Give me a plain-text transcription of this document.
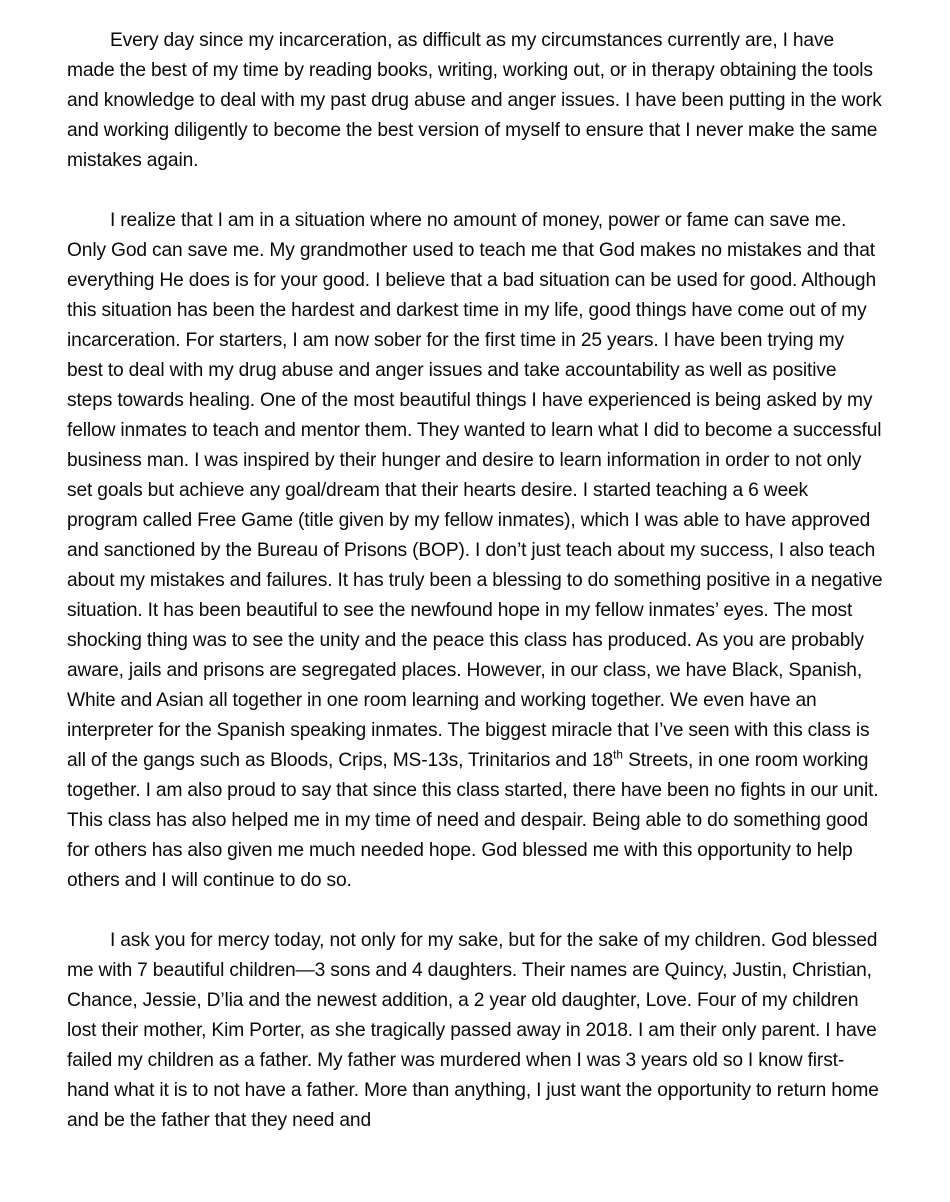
Every day since my incarceration, as difficult as my circumstances currently are, I have made the best of my time by reading books, writing, working out, or in therapy obtaining the tools and knowledge to deal with my past drug abuse and anger issues. I have been putting in the work and working diligently to become the best version of myself to ensure that I never make the same mistakes again.

I realize that I am in a situation where no amount of money, power or fame can save me. Only God can save me. My grandmother used to teach me that God makes no mistakes and that everything He does is for your good. I believe that a bad situation can be used for good. Although this situation has been the hardest and darkest time in my life, good things have come out of my incarceration. For starters, I am now sober for the first time in 25 years. I have been trying my best to deal with my drug abuse and anger issues and take accountability as well as positive steps towards healing. One of the most beautiful things I have experienced is being asked by my fellow inmates to teach and mentor them. They wanted to learn what I did to become a successful business man. I was inspired by their hunger and desire to learn information in order to not only set goals but achieve any goal/dream that their hearts desire. I started teaching a 6 week program called Free Game (title given by my fellow inmates), which I was able to have approved and sanctioned by the Bureau of Prisons (BOP). I don’t just teach about my success, I also teach about my mistakes and failures. It has truly been a blessing to do something positive in a negative situation. It has been beautiful to see the newfound hope in my fellow inmates’ eyes. The most shocking thing was to see the unity and the peace this class has produced. As you are probably aware, jails and prisons are segregated places. However, in our class, we have Black, Spanish, White and Asian all together in one room learning and working together. We even have an interpreter for the Spanish speaking inmates. The biggest miracle that I’ve seen with this class is all of the gangs such as Bloods, Crips, MS-13s, Trinitarios and 18th Streets, in one room working together. I am also proud to say that since this class started, there have been no fights in our unit. This class has also helped me in my time of need and despair. Being able to do something good for others has also given me much needed hope. God blessed me with this opportunity to help others and I will continue to do so.

I ask you for mercy today, not only for my sake, but for the sake of my children. God blessed me with 7 beautiful children—3 sons and 4 daughters. Their names are Quincy, Justin, Christian, Chance, Jessie, D’lia and the newest addition, a 2 year old daughter, Love. Four of my children lost their mother, Kim Porter, as she tragically passed away in 2018. I am their only parent. I have failed my children as a father. My father was murdered when I was 3 years old so I know first-hand what it is to not have a father. More than anything, I just want the opportunity to return home and be the father that they need and
